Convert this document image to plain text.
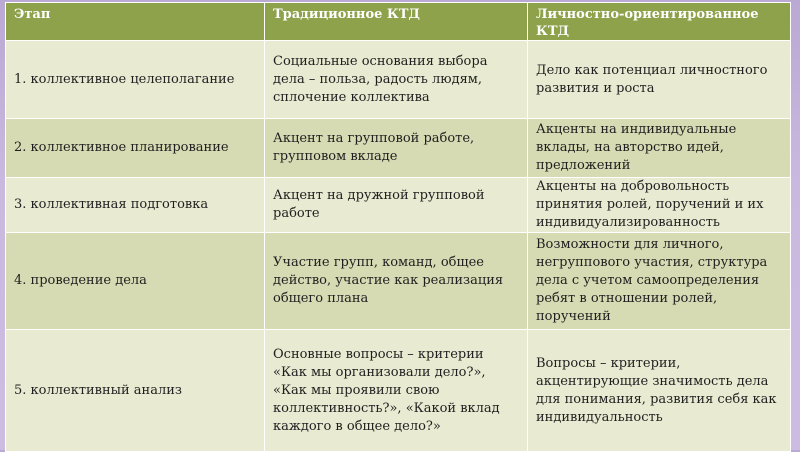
Этап	Традиционное КТД	Личностно-ориентированное КТД
1. коллективное целеполагание	Социальные основания выбора дела – польза, радость людям, сплочение коллектива	Дело как потенциал личностного развития и роста
2. коллективное планирование	Акцент на групповой работе, групповом вкладе	Акценты на индивидуальные вклады, на авторство идей, предложений
3. коллективная подготовка	Акцент на дружной групповой работе	Акценты на добровольность принятия ролей, поручений и их индивидуализированность
4. проведение дела	Участие групп, команд, общее действо, участие как реализация общего плана	Возможности для личного, негруппового участия, структура дела с учетом самоопределения ребят в отношении ролей, поручений
5. коллективный анализ	Основные вопросы – критерии «Как мы организовали дело?», «Как мы проявили свою коллективность?», «Какой вклад каждого в общее дело?»	Вопросы – критерии, акцентирующие значимость дела для понимания, развития себя как индивидуальность
